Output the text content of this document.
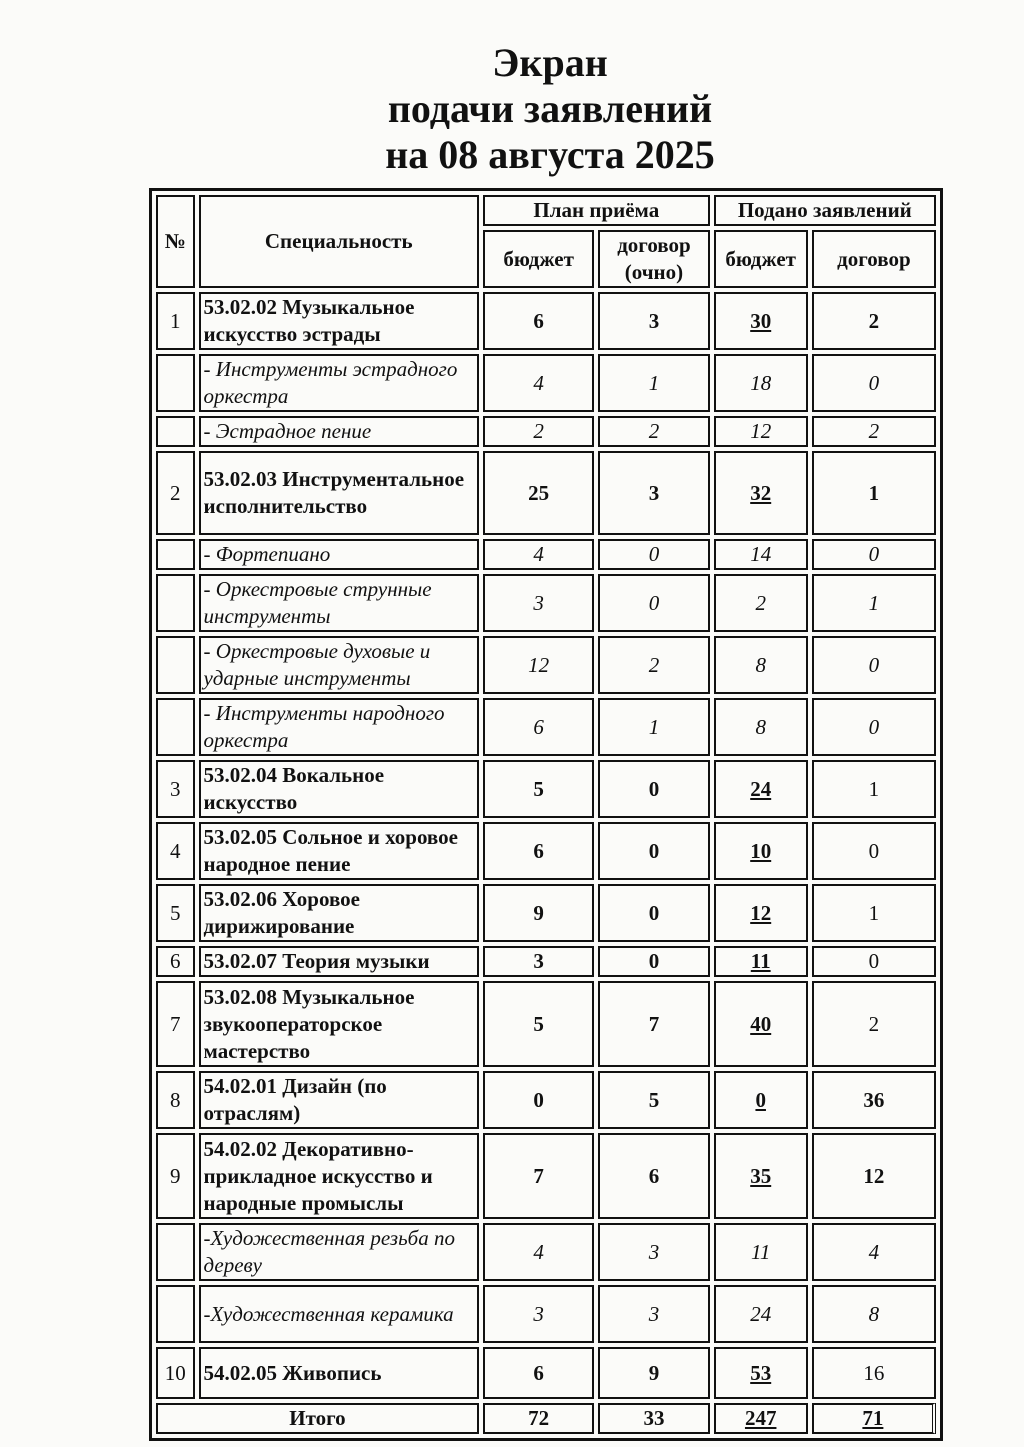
Экран
подачи заявлений
на 08 августа 2025
№	Специальность	План приёма		Подано заявлений	
		бюджет	договор (очно)	бюджет	договор
1	53.02.02 Музыкальное искусство эстрады	6	3	30	2
	- Инструменты эстрадного оркестра	4	1	18	0
	- Эстрадное пение	2	2	12	2
2	53.02.03 Инструментальное исполнительство	25	3	32	1
	- Фортепиано	4	0	14	0
	- Оркестровые струнные инструменты	3	0	2	1
	- Оркестровые духовые и ударные инструменты	12	2	8	0
	- Инструменты народного оркестра	6	1	8	0
3	53.02.04 Вокальное искусство	5	0	24	1
4	53.02.05 Сольное и хоровое народное пение	6	0	10	0
5	53.02.06 Хоровое дирижирование	9	0	12	1
6	53.02.07 Теория музыки	3	0	11	0
7	53.02.08 Музыкальное звукооператорское мастерство	5	7	40	2
8	54.02.01 Дизайн (по отраслям)	0	5	0	36
9	54.02.02 Декоративно-прикладное искусство и народные промыслы	7	6	35	12
	-Художественная резьба по дереву	4	3	11	4
	-Художественная керамика	3	3	24	8
10	54.02.05 Живопись	6	9	53	16
Итого		72	33	247	71
